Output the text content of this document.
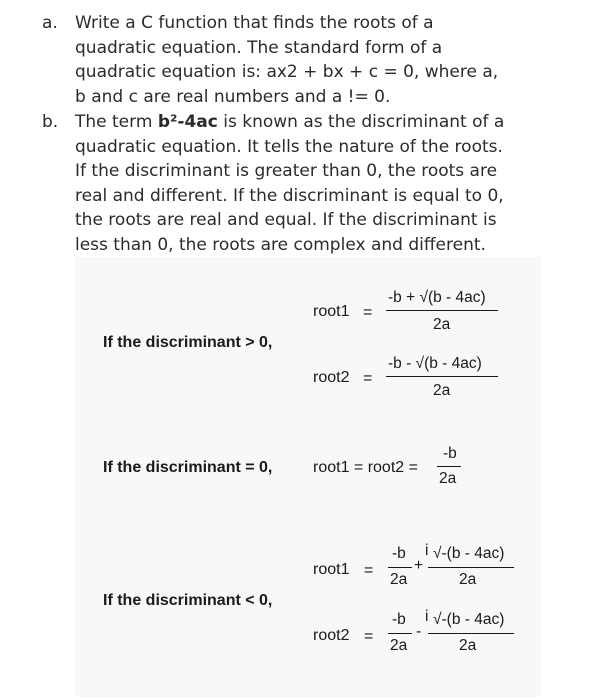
a. Write a C function that finds the roots of a
quadratic equation. The standard form of a
quadratic equation is: ax2 + bx + c = 0, where a,
b and c are real numbers and a != 0.
b. The term b²-4ac is known as the discriminant of a
quadratic equation. It tells the nature of the roots.
If the discriminant is greater than 0, the roots are
real and different. If the discriminant is equal to 0,
the roots are real and equal. If the discriminant is
less than 0, the roots are complex and different.
If the discriminant > 0,
root1 =
-b + √(b - 4ac)
2a
root2 =
-b - √(b - 4ac)
2a
If the discriminant = 0,	root1 = root2 =
-b
2a
If the discriminant < 0,
root1 =
-b
2a
+
i √-(b - 4ac)
2a
root2 =
-b
2a
-
i √-(b - 4ac)
2a
